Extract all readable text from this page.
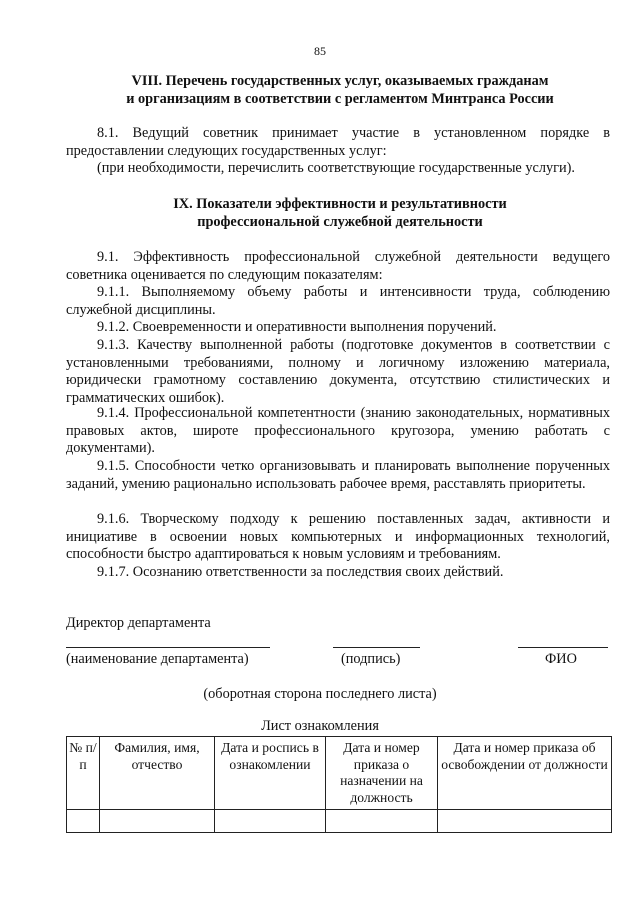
85
VIII. Перечень государственных услуг, оказываемых гражданам
и организациям в соответствии с регламентом Минтранса России

8.1. Ведущий советник принимает участие в установленном порядке в предоставлении следующих государственных услуг:

(при необходимости, перечислить соответствующие государственные услуги).

IX. Показатели эффективности и результативности
профессиональной служебной деятельности

9.1. Эффективность профессиональной служебной деятельности ведущего советника оценивается по следующим показателям:

9.1.1. Выполняемому объему работы и интенсивности труда, соблюдению служебной дисциплины.

9.1.2. Своевременности и оперативности выполнения поручений.

9.1.3. Качеству выполненной работы (подготовке документов в соответствии с установленными требованиями, полному и логичному изложению материала, юридически грамотному составлению документа, отсутствию стилистических и грамматических ошибок).

9.1.4. Профессиональной компетентности (знанию законодательных, нормативных правовых актов, широте профессионального кругозора, умению работать с документами).

9.1.5. Способности четко организовывать и планировать выполнение порученных заданий, умению рационально использовать рабочее время, расставлять приоритеты.

9.1.6. Творческому подходу к решению поставленных задач, активности и инициативе в освоении новых компьютерных и информационных технологий, способности быстро адаптироваться к новым условиям и требованиям.

9.1.7. Осознанию ответственности за последствия своих действий.

Директор департамента
(наименование департамента)	(подпись)	ФИО
(оборотная сторона последнего листа)
Лист ознакомления
№ п/п	Фамилия, имя, отчество	Дата и роспись в ознакомлении	Дата и номер приказа о назначении на должность	Дата и номер приказа об освобождении от должности
